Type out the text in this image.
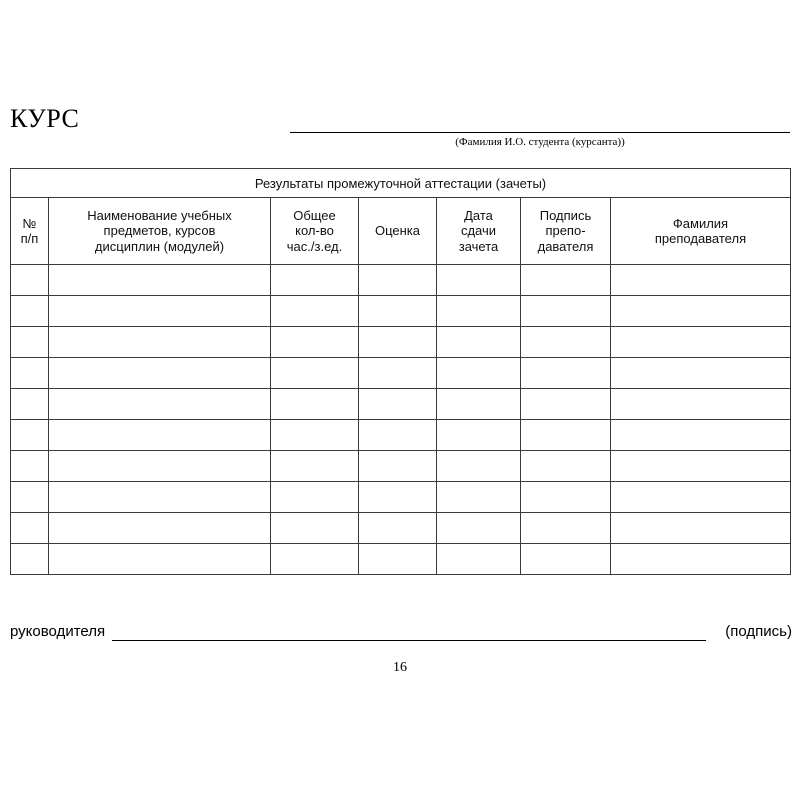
КУРС
(Фамилия И.О. студента (курсанта))
Результаты промежуточной аттестации (зачеты)						
№
п/п	Наименование учебных
предметов, курсов
дисциплин (модулей)	Общее
кол-во
час./з.ед.	Оценка	Дата
сдачи
зачета	Подпись
препо-
давателя	Фамилия
преподавателя

руководителя	(подпись)
16
